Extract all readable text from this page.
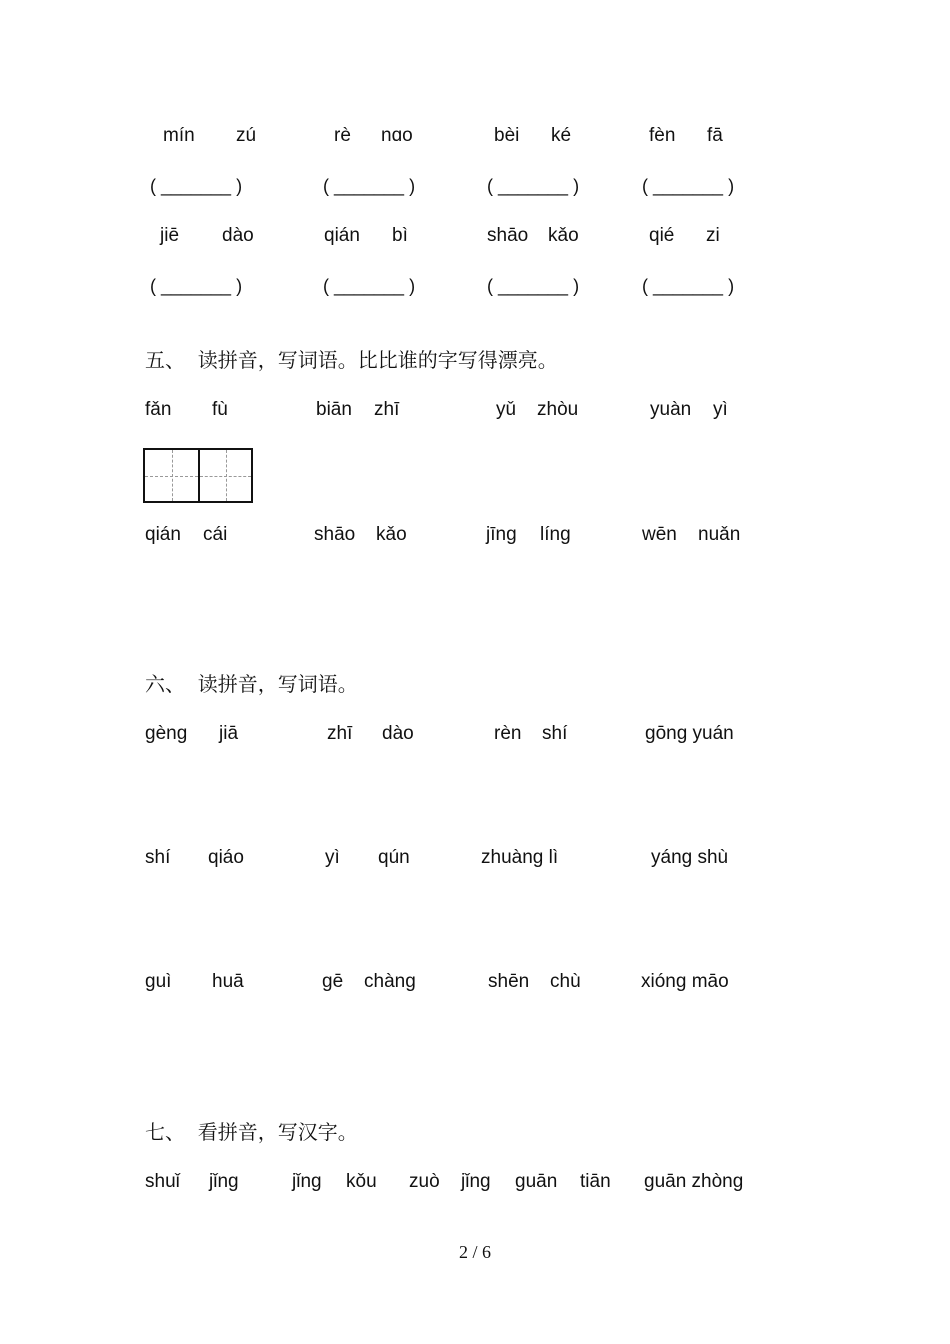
mín zú	rè nɑo	bèi ké	fèn fā
( _______ )	( _______ )	( _______ )	( _______ )
jiē dào	qián bì	shāo kǎo	qié zi
( _______ )	( _______ )	( _______ )	( _______ )
五、  读拼音，写词语。比比谁的字写得漂亮。
fǎn fù	biān zhī	yǔ zhòu	yuàn yì
qián cái	shāo kǎo	jīng líng	wēn nuǎn
六、  读拼音，写词语。
gèng jiā	zhī dào	rèn shí	gōng yuán
shí qiáo	yì qún	zhuàng lì	yáng shù
guì huā	gē chàng	shēn chù	xióng māo
七、  看拼音，写汉字。
shuǐ jǐng	jǐng kǒu zuò jǐng guān tiān guān zhòng
2 / 6
